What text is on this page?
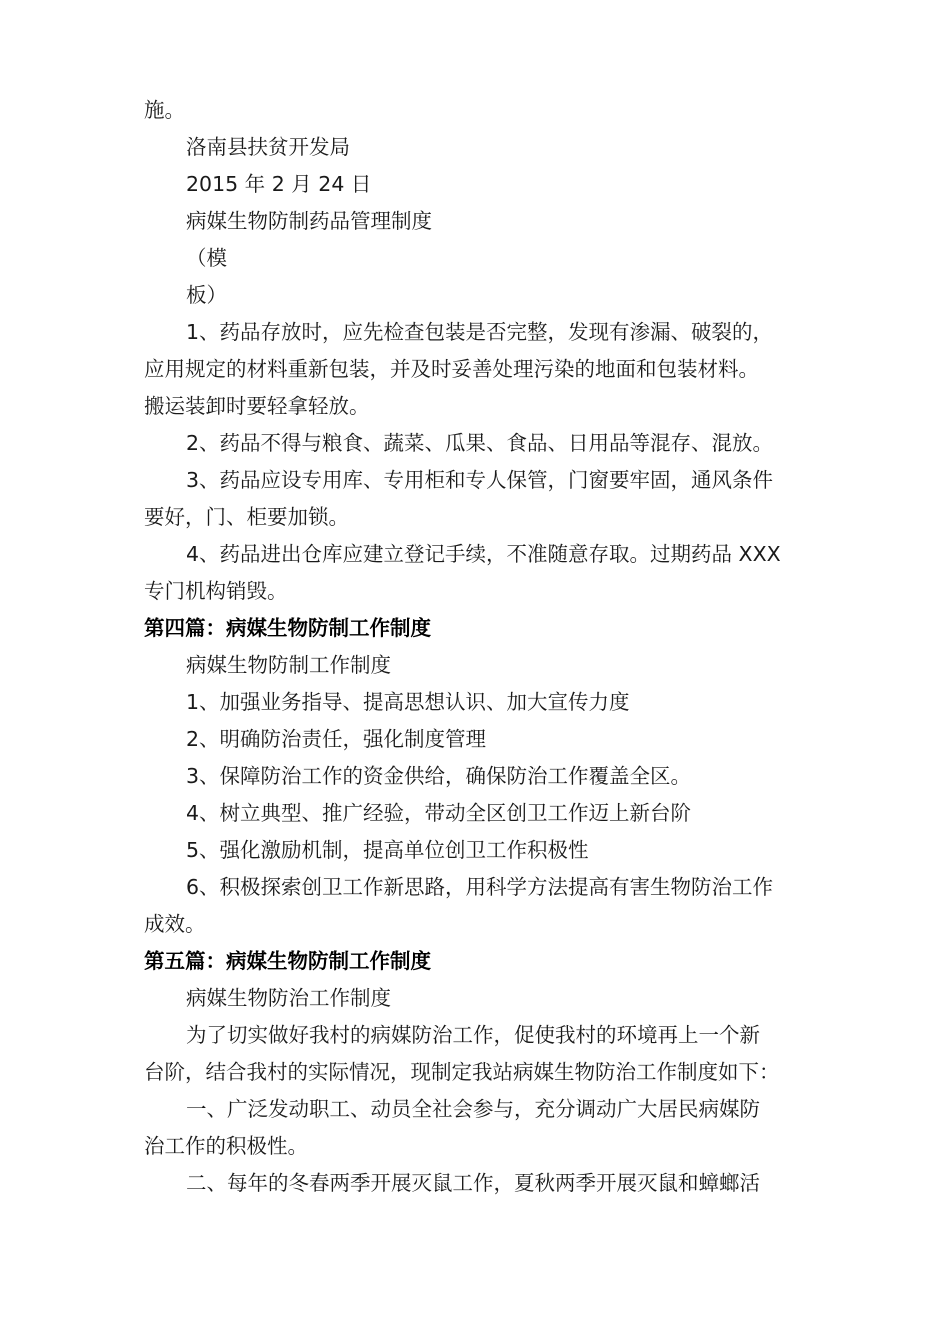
施。

洛南县扶贫开发局

2015 年 2 月 24 日

病媒生物防制药品管理制度

（模

板）

1、药品存放时，应先检查包装是否完整，发现有渗漏、破裂的，

应用规定的材料重新包装，并及时妥善处理污染的地面和包装材料。

搬运装卸时要轻拿轻放。

2、药品不得与粮食、蔬菜、瓜果、食品、日用品等混存、混放。

3、药品应设专用库、专用柜和专人保管，门窗要牢固，通风条件

要好，门、柜要加锁。

4、药品进出仓库应建立登记手续，不准随意存取。过期药品 XXX

专门机构销毁。

第四篇：病媒生物防制工作制度

病媒生物防制工作制度

1、加强业务指导、提高思想认识、加大宣传力度

2、明确防治责任，强化制度管理

3、保障防治工作的资金供给，确保防治工作覆盖全区。

4、树立典型、推广经验，带动全区创卫工作迈上新台阶

5、强化激励机制，提高单位创卫工作积极性

6、积极探索创卫工作新思路，用科学方法提高有害生物防治工作

成效。

第五篇：病媒生物防制工作制度

病媒生物防治工作制度

为了切实做好我村的病媒防治工作，促使我村的环境再上一个新

台阶，结合我村的实际情况，现制定我站病媒生物防治工作制度如下：

一、广泛发动职工、动员全社会参与，充分调动广大居民病媒防

治工作的积极性。

二、每年的冬春两季开展灭鼠工作，夏秋两季开展灭鼠和蟑螂活
